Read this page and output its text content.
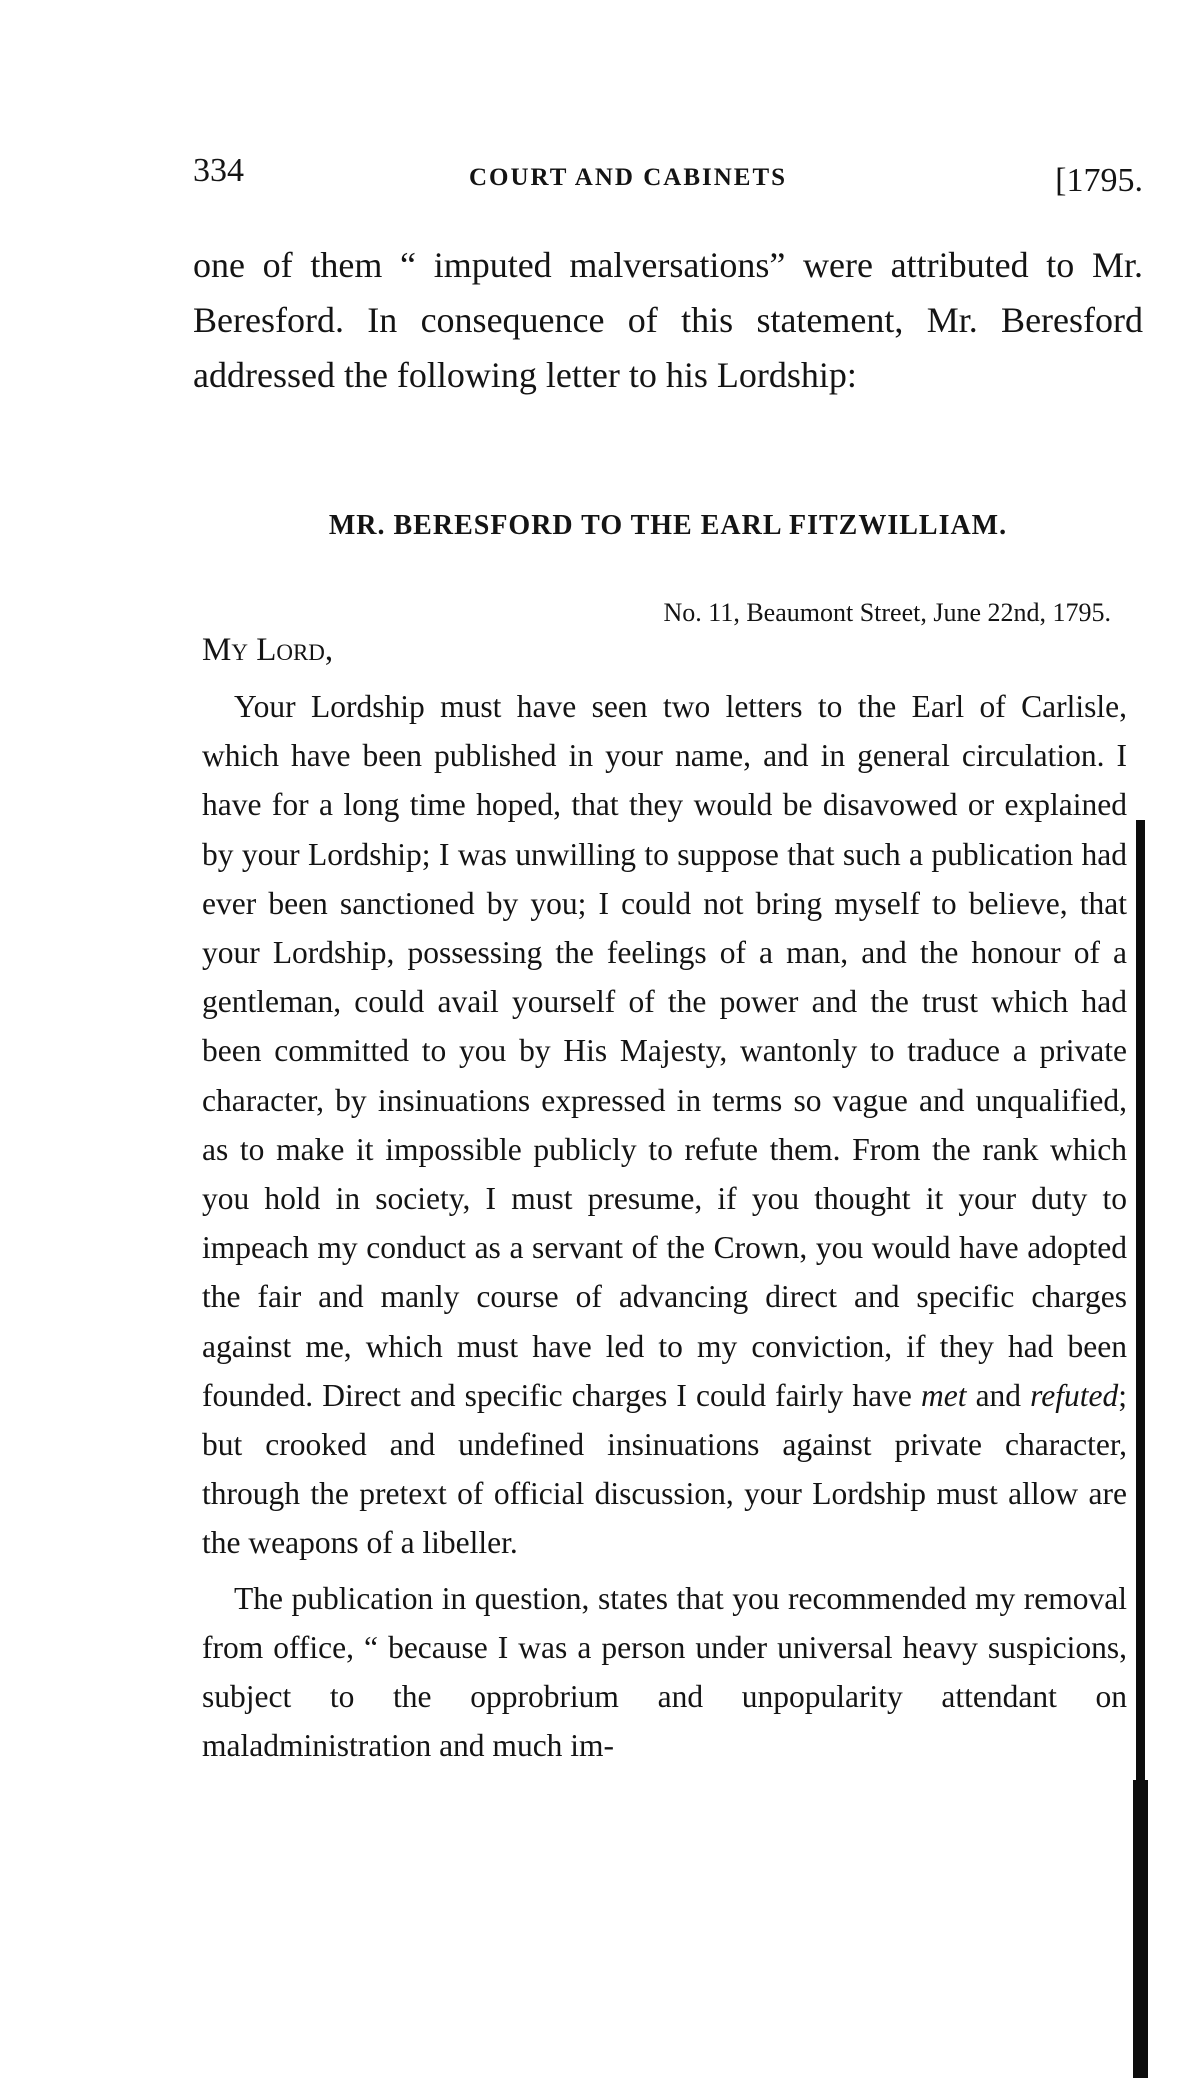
334	COURT AND CABINETS	[1795.

one of them “ imputed malversations” were attributed to Mr. Beresford. In consequence of this statement, Mr. Beresford addressed the following letter to his Lordship:

MR. BERESFORD TO THE EARL FITZWILLIAM.

No. 11, Beaumont Street, June 22nd, 1795.

My Lord,

Your Lordship must have seen two letters to the Earl of Carlisle, which have been published in your name, and in general circulation. I have for a long time hoped, that they would be disavowed or explained by your Lordship; I was unwilling to suppose that such a publication had ever been sanctioned by you; I could not bring myself to believe, that your Lordship, possessing the feelings of a man, and the honour of a gentleman, could avail yourself of the power and the trust which had been committed to you by His Majesty, wantonly to traduce a private character, by insinuations expressed in terms so vague and unqualified, as to make it impossible publicly to refute them. From the rank which you hold in society, I must presume, if you thought it your duty to impeach my conduct as a servant of the Crown, you would have adopted the fair and manly course of advancing direct and specific charges against me, which must have led to my conviction, if they had been founded. Direct and specific charges I could fairly have met and refuted; but crooked and undefined insinuations against private character, through the pretext of official discussion, your Lordship must allow are the weapons of a libeller.

The publication in question, states that you recommended my removal from office, “ because I was a person under universal heavy suspicions, subject to the opprobrium and unpopularity attendant on maladministration and much im-
